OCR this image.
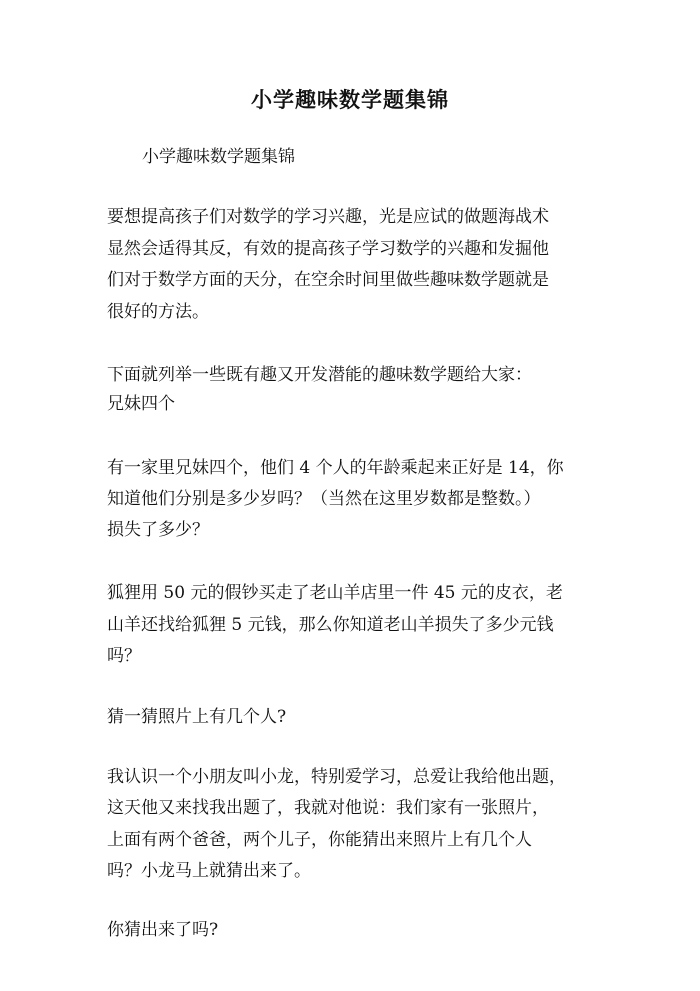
小学趣味数学题集锦

小学趣味数学题集锦

要想提高孩子们对数学的学习兴趣，光是应试的做题海战术

显然会适得其反，有效的提高孩子学习数学的兴趣和发掘他

们对于数学方面的天分，在空余时间里做些趣味数学题就是

很好的方法。

下面就列举一些既有趣又开发潜能的趣味数学题给大家：

兄妹四个

有一家里兄妹四个，他们 4 个人的年龄乘起来正好是 14，你

知道他们分别是多少岁吗？（当然在这里岁数都是整数。）

损失了多少？

狐狸用 50 元的假钞买走了老山羊店里一件 45 元的皮衣，老

山羊还找给狐狸 5 元钱，那么你知道老山羊损失了多少元钱

吗？

猜一猜照片上有几个人?

我认识一个小朋友叫小龙，特别爱学习，总爱让我给他出题，

这天他又来找我出题了，我就对他说：我们家有一张照片，

上面有两个爸爸，两个儿子，你能猜出来照片上有几个人

吗？小龙马上就猜出来了。

你猜出来了吗?
